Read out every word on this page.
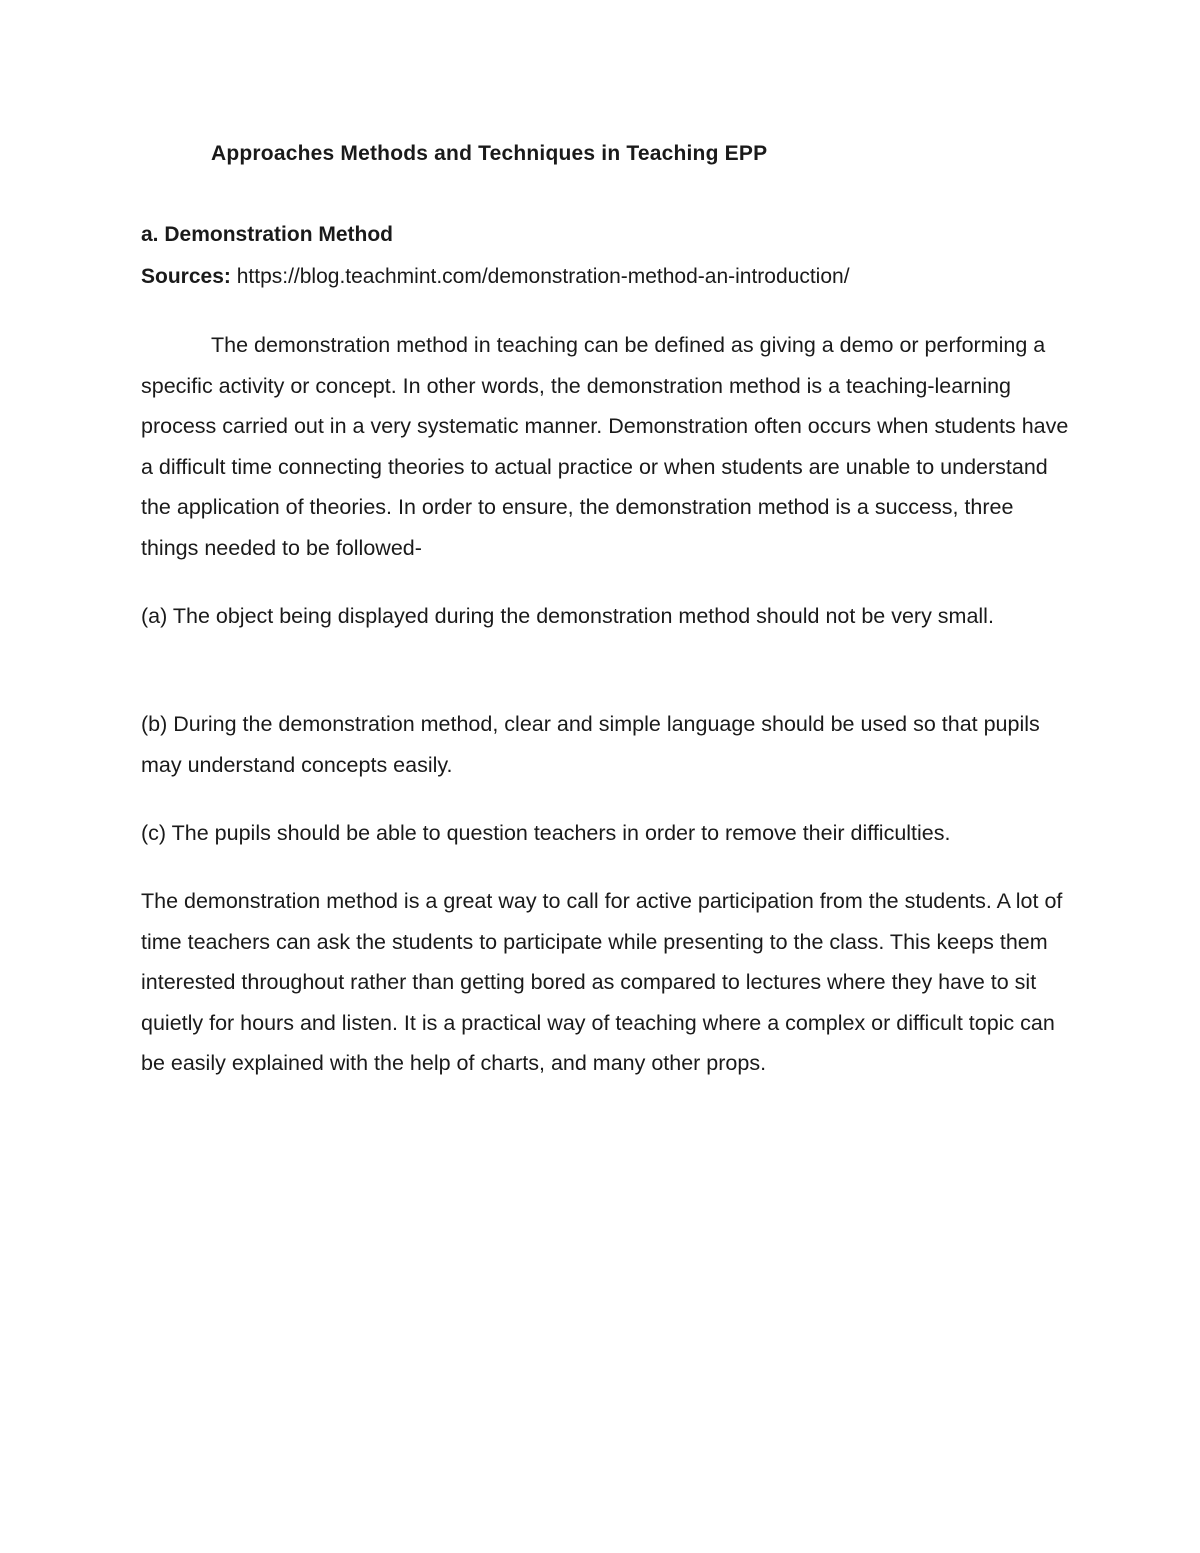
Approaches Methods and Techniques in Teaching EPP
a. Demonstration Method
Sources: https://blog.teachmint.com/demonstration-method-an-introduction/

The demonstration method in teaching can be defined as giving a demo or performing a specific activity or concept. In other words, the demonstration method is a teaching-learning process carried out in a very systematic manner. Demonstration often occurs when students have a difficult time connecting theories to actual practice or when students are unable to understand the application of theories. In order to ensure, the demonstration method is a success, three things needed to be followed-

(a) The object being displayed during the demonstration method should not be very small.

(b) During the demonstration method, clear and simple language should be used so that pupils may understand concepts easily.

(c) The pupils should be able to question teachers in order to remove their difficulties.

The demonstration method is a great way to call for active participation from the students. A lot of time teachers can ask the students to participate while presenting to the class. This keeps them interested throughout rather than getting bored as compared to lectures where they have to sit quietly for hours and listen. It is a practical way of teaching where a complex or difficult topic can be easily explained with the help of charts, and many other props.
